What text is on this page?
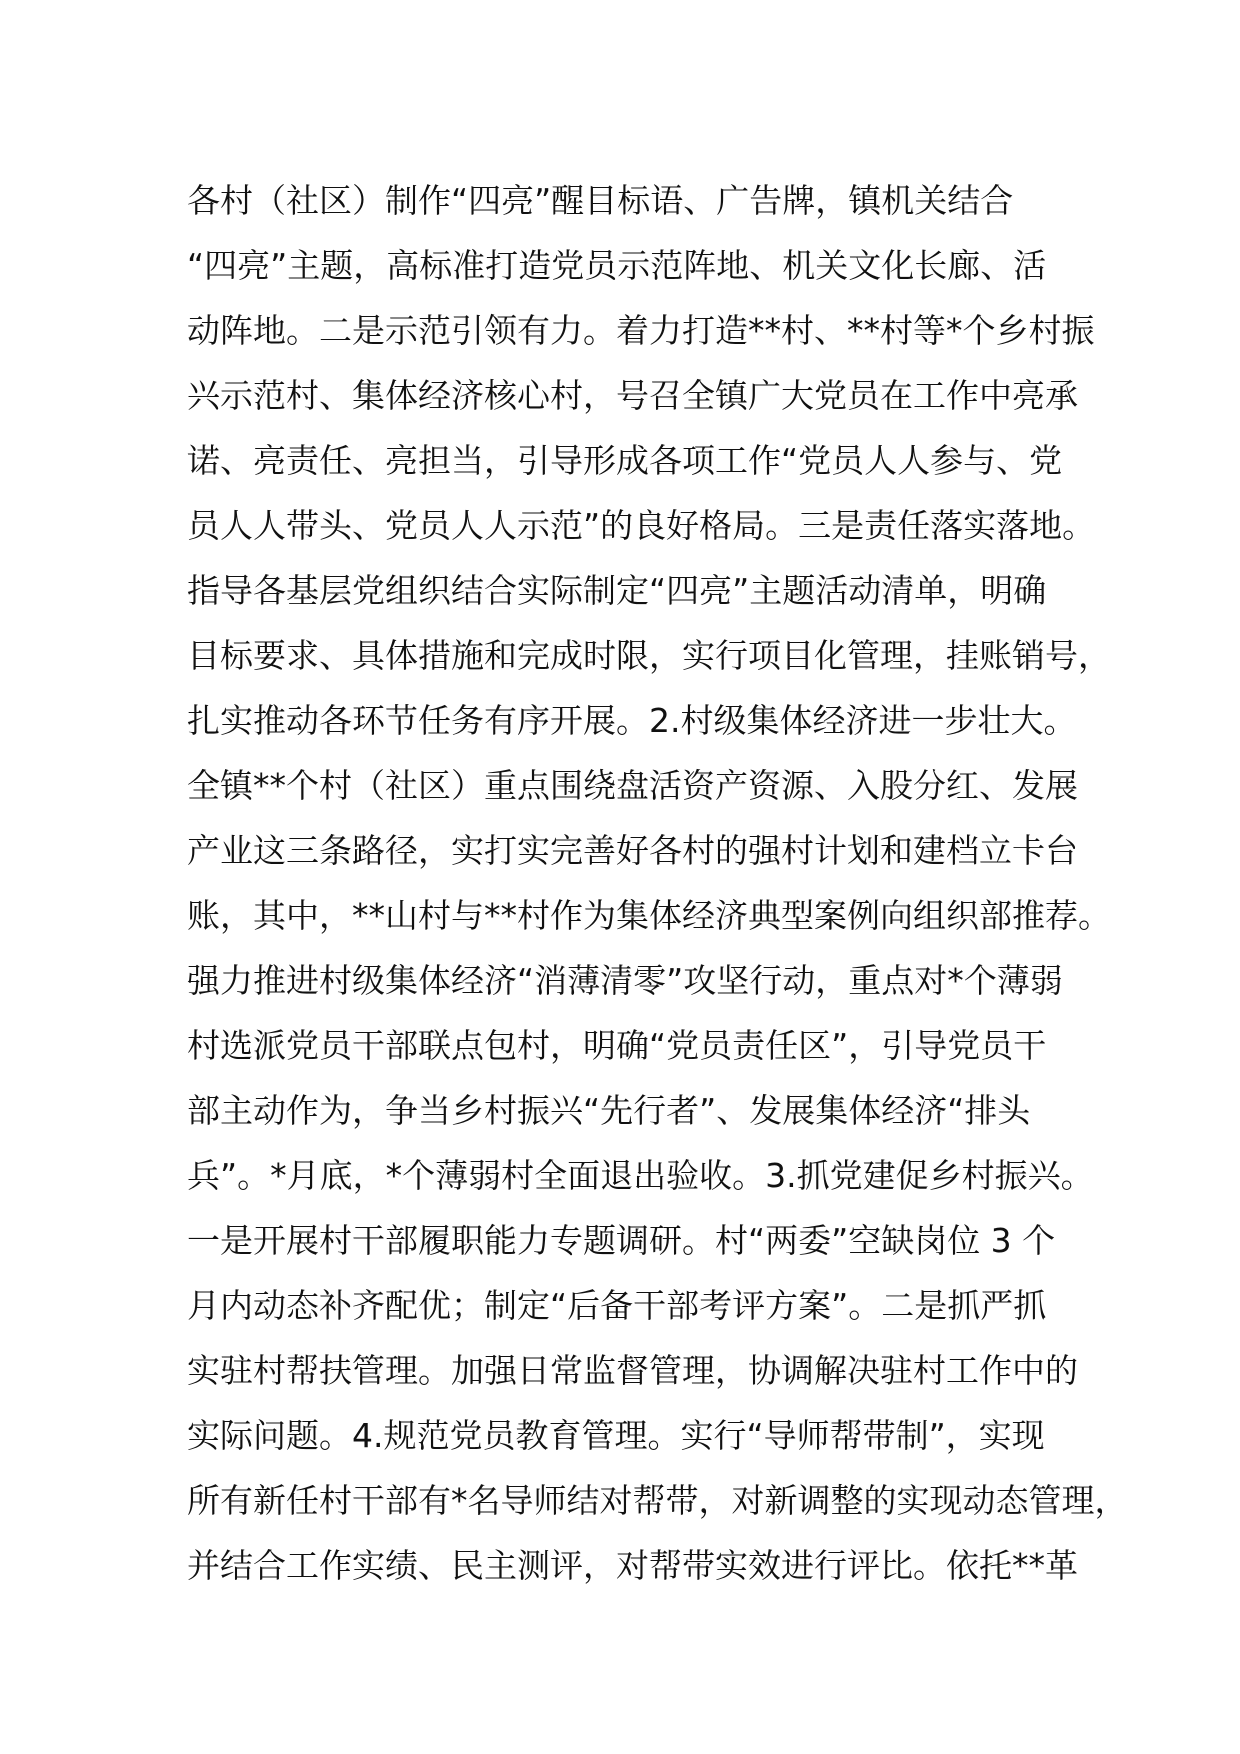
各村（社区）制作“四亮”醒目标语、广告牌，镇机关结合
“四亮”主题，高标准打造党员示范阵地、机关文化长廊、活
动阵地。二是示范引领有力。着力打造**村、**村等*个乡村振
兴示范村、集体经济核心村，号召全镇广大党员在工作中亮承
诺、亮责任、亮担当，引导形成各项工作“党员人人参与、党
员人人带头、党员人人示范”的良好格局。三是责任落实落地。
指导各基层党组织结合实际制定“四亮”主题活动清单，明确
目标要求、具体措施和完成时限，实行项目化管理，挂账销号，
扎实推动各环节任务有序开展。2.村级集体经济进一步壮大。
全镇**个村（社区）重点围绕盘活资产资源、入股分红、发展
产业这三条路径，实打实完善好各村的强村计划和建档立卡台
账，其中，**山村与**村作为集体经济典型案例向组织部推荐。
强力推进村级集体经济“消薄清零”攻坚行动，重点对*个薄弱
村选派党员干部联点包村，明确“党员责任区”，引导党员干
部主动作为，争当乡村振兴“先行者”、发展集体经济“排头
兵”。*月底，*个薄弱村全面退出验收。3.抓党建促乡村振兴。
一是开展村干部履职能力专题调研。村“两委”空缺岗位 3 个
月内动态补齐配优；制定“后备干部考评方案”。二是抓严抓
实驻村帮扶管理。加强日常监督管理，协调解决驻村工作中的
实际问题。4.规范党员教育管理。实行“导师帮带制”，实现
所有新任村干部有*名导师结对帮带，对新调整的实现动态管理，
并结合工作实绩、民主测评，对帮带实效进行评比。依托**革
